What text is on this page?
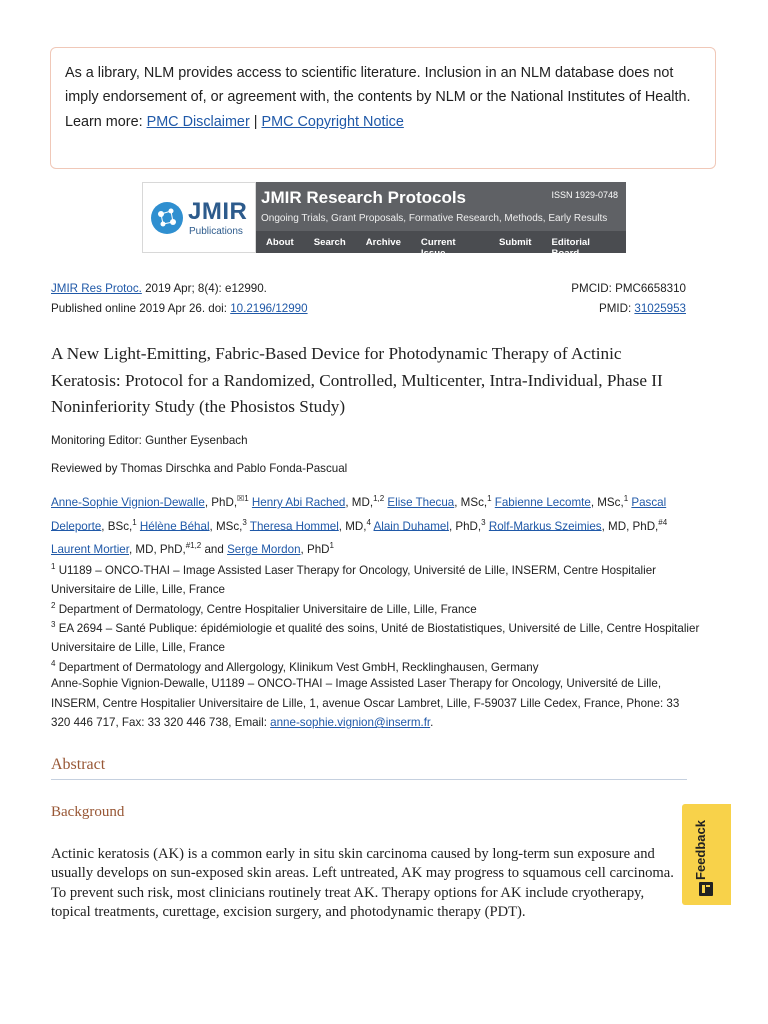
As a library, NLM provides access to scientific literature. Inclusion in an NLM database does not imply endorsement of, or agreement with, the contents by NLM or the National Institutes of Health.
Learn more: PMC Disclaimer | PMC Copyright Notice
JMIR
Publications
JMIR Research Protocols	ISSN 1929-0748
Ongoing Trials, Grant Proposals, Formative Research, Methods, Early Results
About	Search	Archive	Current Issue
Submit	Editorial Board
JMIR Res Protoc. 2019 Apr; 8(4): e12990.
Published online 2019 Apr 26. doi: 10.2196/12990
PMCID: PMC6658310
PMID: 31025953
A New Light-Emitting, Fabric-Based Device for Photodynamic Therapy of Actinic Keratosis: Protocol for a Randomized, Controlled, Multicenter, Intra-Individual, Phase II Noninferiority Study (the Phosistos Study)
Monitoring Editor: Gunther Eysenbach
Reviewed by Thomas Dirschka and Pablo Fonda-Pascual
Anne-Sophie Vignion-Dewalle, PhD,$^{☒1}$ Henry Abi Rached, MD,$^{1,2}$ Elise Thecua, MSc,$^1$ Fabienne Lecomte, MSc,$^1$ Pascal Deleporte, BSc,$^1$ Hélène Béhal, MSc,$^3$ Theresa Hommel, MD,$^4$ Alain Duhamel, PhD,$^3$ Rolf-Markus Szeimies, MD, PhD,$^{\#4}$ Laurent Mortier, MD, PhD,$^{\#1,2}$ and Serge Mordon, PhD$^1$
$^1$ U1189 – ONCO-THAI – Image Assisted Laser Therapy for Oncology, Université de Lille, INSERM, Centre Hospitalier Universitaire de Lille, Lille, France
$^2$ Department of Dermatology, Centre Hospitalier Universitaire de Lille, Lille, France
$^3$ EA 2694 – Santé Publique: épidémiologie et qualité des soins, Unité de Biostatistiques, Université de Lille, Centre Hospitalier Universitaire de Lille, Lille, France
$^4$ Department of Dermatology and Allergology, Klinikum Vest GmbH, Recklinghausen, Germany
Anne-Sophie Vignion-Dewalle, U1189 – ONCO-THAI – Image Assisted Laser Therapy for Oncology, Université de Lille, INSERM, Centre Hospitalier Universitaire de Lille, 1, avenue Oscar Lambret, Lille, F-59037 Lille Cedex, France, Phone: 33 320 446 717, Fax: 33 320 446 738, Email: anne-sophie.vignion@inserm.fr.
Abstract
Background
Actinic keratosis (AK) is a common early in situ skin carcinoma caused by long-term sun exposure and usually develops on sun-exposed skin areas. Left untreated, AK may progress to squamous cell carcinoma. To prevent such risk, most clinicians routinely treat AK. Therapy options for AK include cryotherapy, topical treatments, curettage, excision surgery, and photodynamic therapy (PDT).
Feedback
